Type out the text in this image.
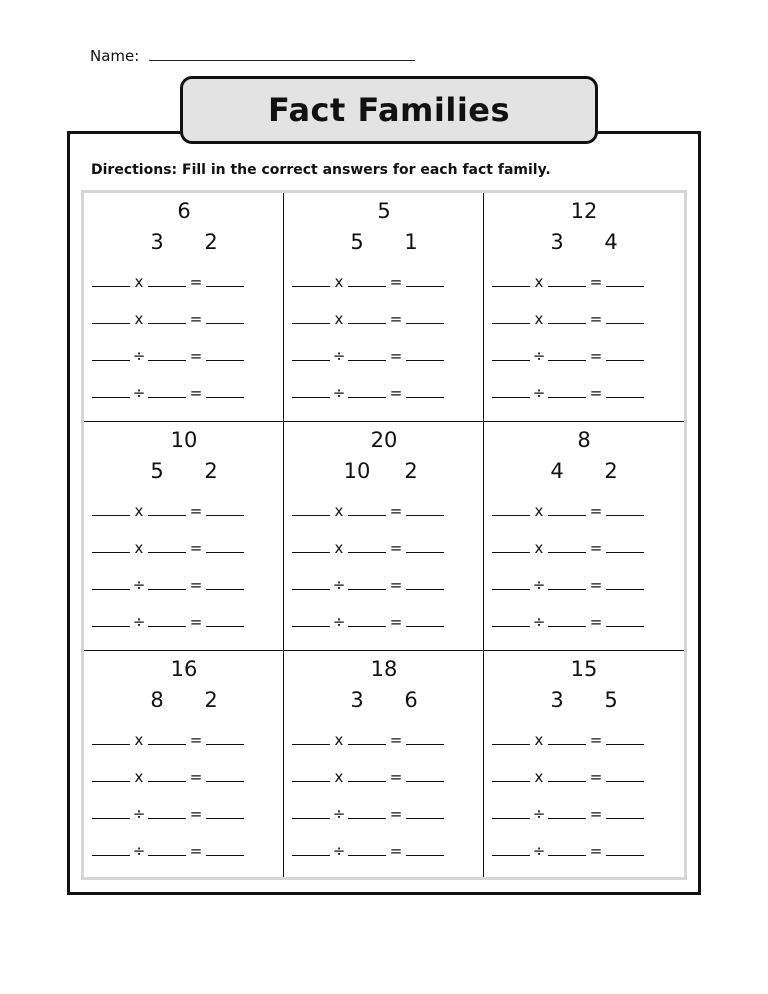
Name:
Fact Families
Directions: Fill in the correct answers for each fact family.
6
3 2
x	=
x	=
÷	=
÷	=
5
5 1
x	=
x	=
÷	=
÷	=
12
3 4
x	=
x	=
÷	=
÷	=
10
5 2
x	=
x	=
÷	=
÷	=
20
10 2
x	=
x	=
÷	=
÷	=
8
4 2
x	=
x	=
÷	=
÷	=
16
8 2
x	=
x	=
÷	=
÷	=
18
3 6
x	=
x	=
÷	=
÷	=
15
3 5
x	=
x	=
÷	=
÷	=
